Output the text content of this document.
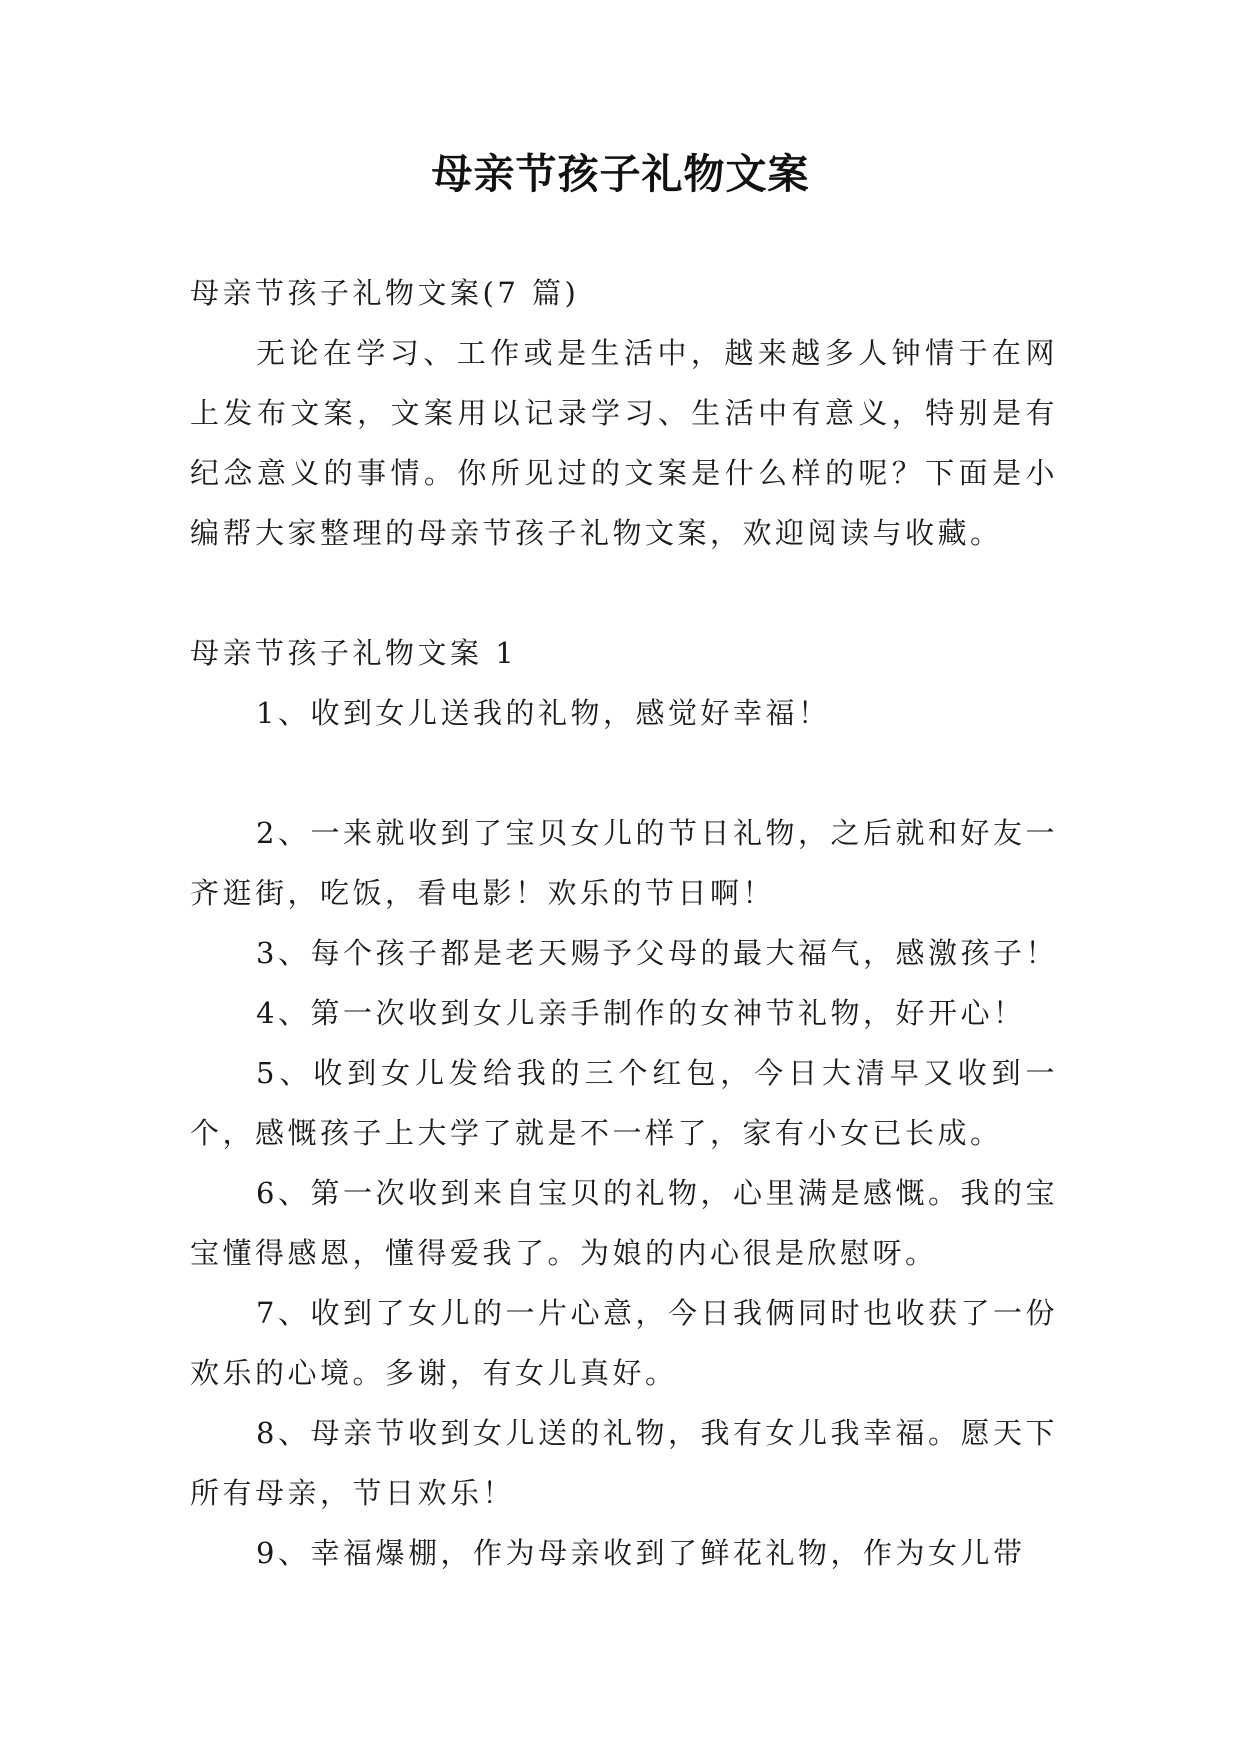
母亲节孩子礼物文案

母亲节孩子礼物文案(7 篇)

无论在学习、工作或是生活中，越来越多人钟情于在网上发布文案，文案用以记录学习、生活中有意义，特别是有纪念意义的事情。你所见过的文案是什么样的呢？下面是小编帮大家整理的母亲节孩子礼物文案，欢迎阅读与收藏。

母亲节孩子礼物文案 1

1、收到女儿送我的礼物，感觉好幸福！

2、一来就收到了宝贝女儿的节日礼物，之后就和好友一齐逛街，吃饭，看电影！欢乐的节日啊！

3、每个孩子都是老天赐予父母的最大福气，感激孩子！

4、第一次收到女儿亲手制作的女神节礼物，好开心！

5、收到女儿发给我的三个红包，今日大清早又收到一个，感慨孩子上大学了就是不一样了，家有小女已长成。

6、第一次收到来自宝贝的礼物，心里满是感慨。我的宝宝懂得感恩，懂得爱我了。为娘的内心很是欣慰呀。

7、收到了女儿的一片心意，今日我俩同时也收获了一份欢乐的心境。多谢，有女儿真好。

8、母亲节收到女儿送的礼物，我有女儿我幸福。愿天下所有母亲，节日欢乐！

9、幸福爆棚，作为母亲收到了鲜花礼物，作为女儿带
